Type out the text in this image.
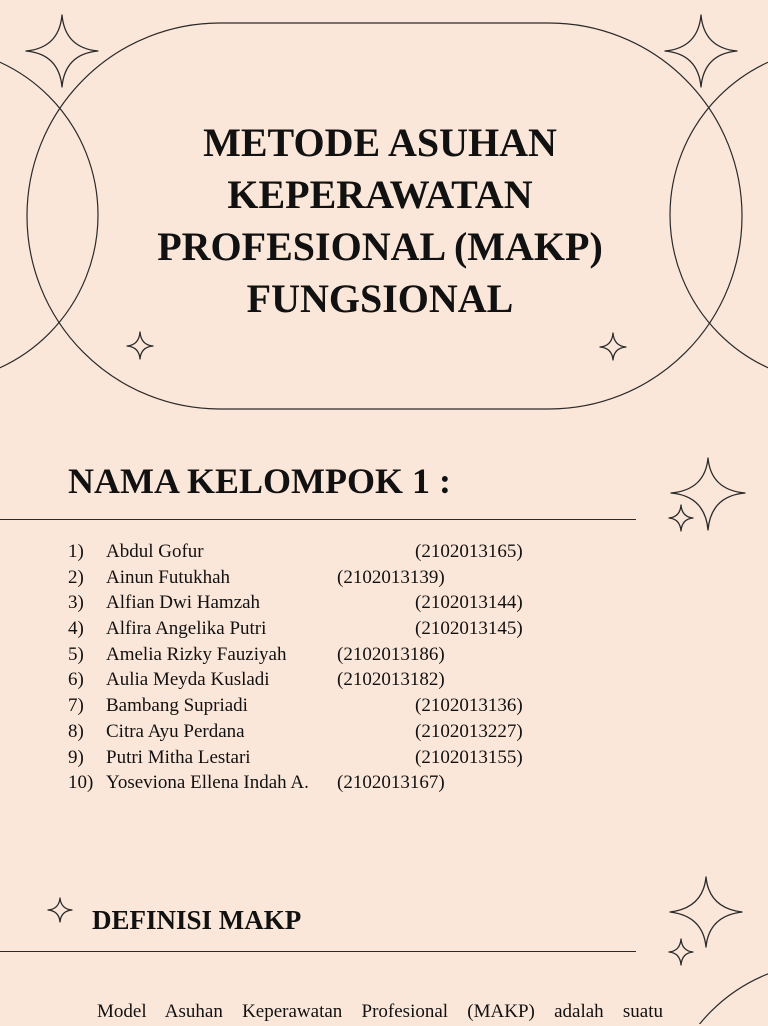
METODE ASUHAN
KEPERAWATAN
PROFESIONAL (MAKP)
FUNGSIONAL
NAMA KELOMPOK 1 :
1) Abdul Gofur	(2102013165)
2) Ainun Futukhah	(2102013139)
3) Alfian Dwi Hamzah	(2102013144)
4) Alfira Angelika Putri	(2102013145)
5) Amelia Rizky Fauziyah	(2102013186)
6) Aulia Meyda Kusladi	(2102013182)
7) Bambang Supriadi	(2102013136)
8) Citra Ayu Perdana	(2102013227)
9) Putri Mitha Lestari	(2102013155)
10) Yoseviona Ellena Indah A. (2102013167)
DEFINISI MAKP

Model Asuhan Keperawatan Profesional (MAKP) adalah suatu
